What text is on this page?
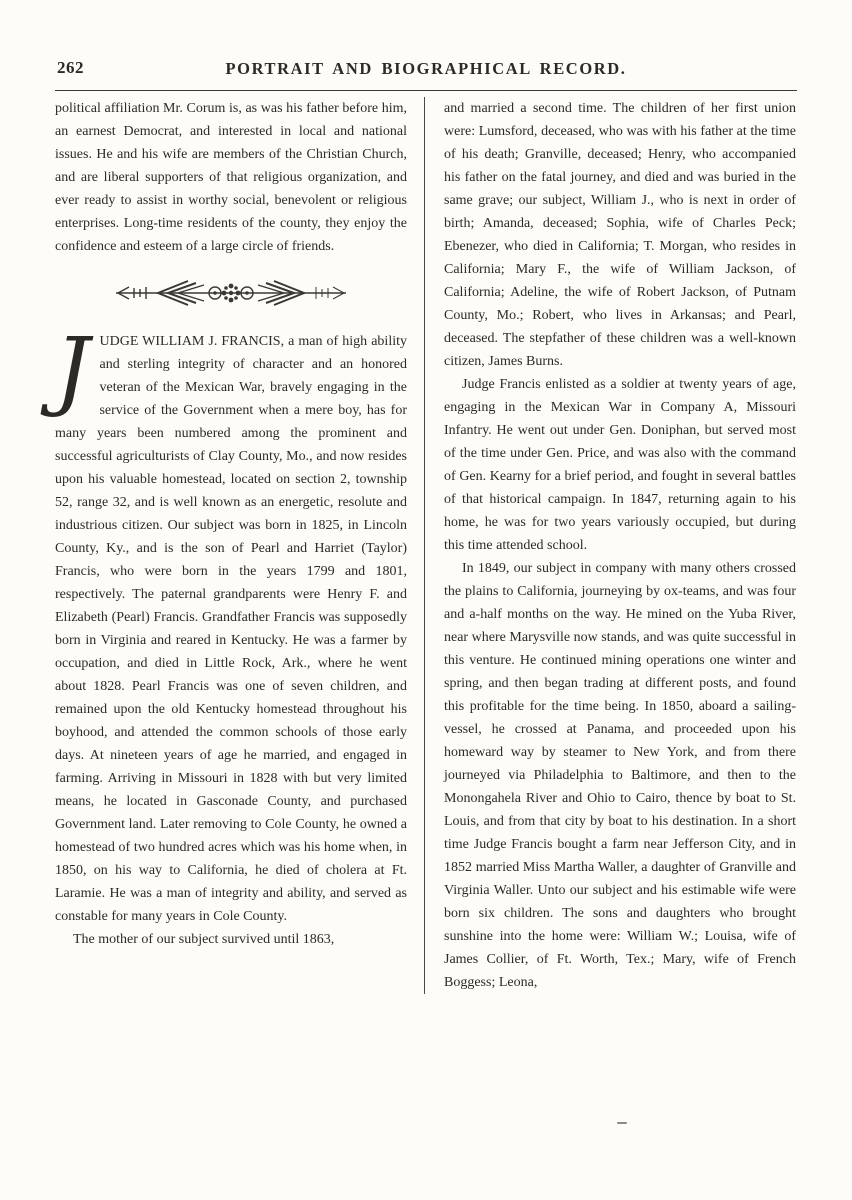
262	PORTRAIT AND BIOGRAPHICAL RECORD.

political affiliation Mr. Corum is, as was his father before him, an earnest Democrat, and interested in local and national issues. He and his wife are members of the Christian Church, and are liberal supporters of that religious organization, and ever ready to assist in worthy social, benevolent or religious enterprises. Long-time residents of the county, they enjoy the confidence and esteem of a large circle of friends.

JUDGE WILLIAM J. FRANCIS, a man of high ability and sterling integrity of character and an honored veteran of the Mexican War, bravely engaging in the service of the Government when a mere boy, has for many years been numbered among the prominent and successful agriculturists of Clay County, Mo., and now resides upon his valuable homestead, located on section 2, township 52, range 32, and is well known as an energetic, resolute and industrious citizen. Our subject was born in 1825, in Lincoln County, Ky., and is the son of Pearl and Harriet (Taylor) Francis, who were born in the years 1799 and 1801, respectively. The paternal grandparents were Henry F. and Elizabeth (Pearl) Francis. Grandfather Francis was supposedly born in Virginia and reared in Kentucky. He was a farmer by occupation, and died in Little Rock, Ark., where he went about 1828. Pearl Francis was one of seven children, and remained upon the old Kentucky homestead throughout his boyhood, and attended the common schools of those early days. At nineteen years of age he married, and engaged in farming. Arriving in Missouri in 1828 with but very limited means, he located in Gasconade County, and purchased Government land. Later removing to Cole County, he owned a homestead of two hundred acres which was his home when, in 1850, on his way to California, he died of cholera at Ft. Laramie. He was a man of integrity and ability, and served as constable for many years in Cole County.

The mother of our subject survived until 1863,

and married a second time. The children of her first union were: Lumsford, deceased, who was with his father at the time of his death; Granville, deceased; Henry, who accompanied his father on the fatal journey, and died and was buried in the same grave; our subject, William J., who is next in order of birth; Amanda, deceased; Sophia, wife of Charles Peck; Ebenezer, who died in California; T. Morgan, who resides in California; Mary F., the wife of William Jackson, of California; Adeline, the wife of Robert Jackson, of Putnam County, Mo.; Robert, who lives in Arkansas; and Pearl, deceased. The stepfather of these children was a well-known citizen, James Burns.

Judge Francis enlisted as a soldier at twenty years of age, engaging in the Mexican War in Company A, Missouri Infantry. He went out under Gen. Doniphan, but served most of the time under Gen. Price, and was also with the command of Gen. Kearny for a brief period, and fought in several battles of that historical campaign. In 1847, returning again to his home, he was for two years variously occupied, but during this time attended school.

In 1849, our subject in company with many others crossed the plains to California, journeying by ox-teams, and was four and a-half months on the way. He mined on the Yuba River, near where Marysville now stands, and was quite successful in this venture. He continued mining operations one winter and spring, and then began trading at different posts, and found this profitable for the time being. In 1850, aboard a sailing-vessel, he crossed at Panama, and proceeded upon his homeward way by steamer to New York, and from there journeyed via Philadelphia to Baltimore, and then to the Monongahela River and Ohio to Cairo, thence by boat to St. Louis, and from that city by boat to his destination. In a short time Judge Francis bought a farm near Jefferson City, and in 1852 married Miss Martha Waller, a daughter of Granville and Virginia Waller. Unto our subject and his estimable wife were born six children. The sons and daughters who brought sunshine into the home were: William W.; Louisa, wife of James Collier, of Ft. Worth, Tex.; Mary, wife of French Boggess; Leona,
